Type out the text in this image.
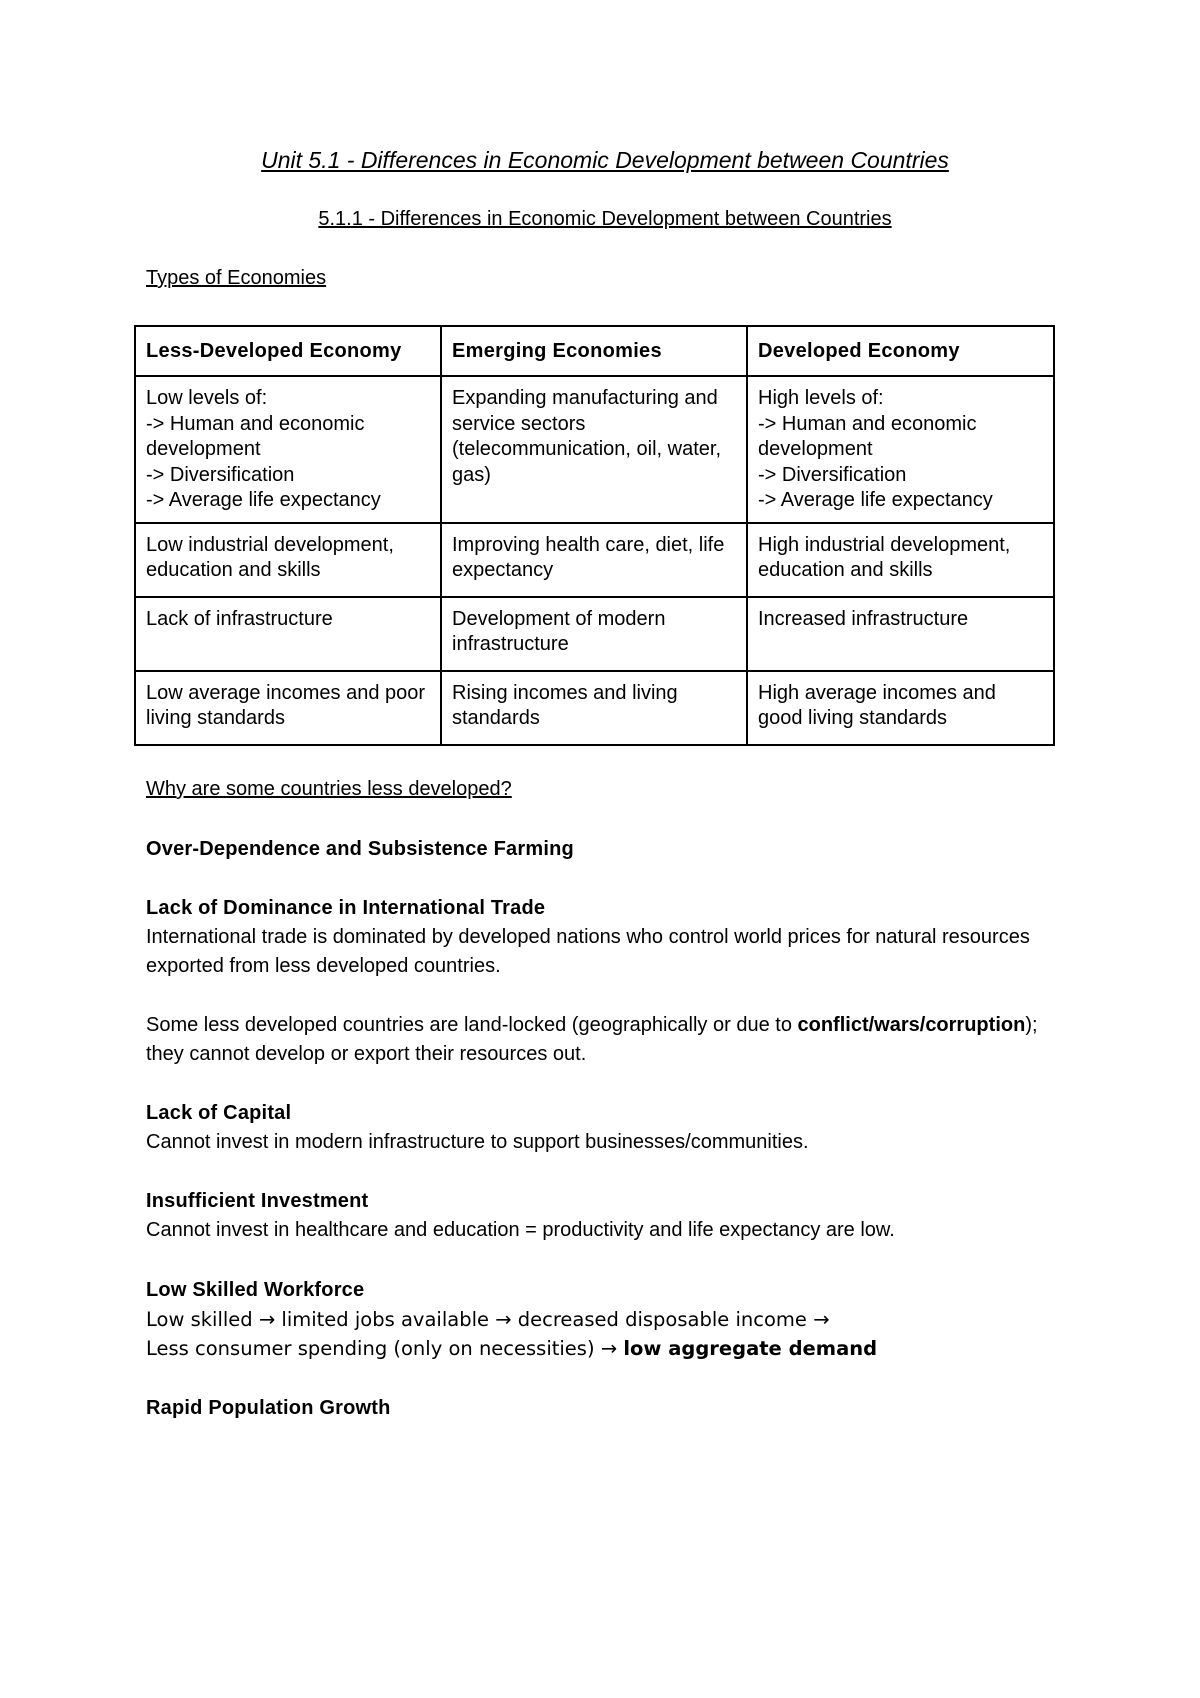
Unit 5.1 - Differences in Economic Development between Countries
5.1.1 - Differences in Economic Development between Countries
Types of Economies
Less-Developed Economy	Emerging Economies	Developed Economy

Low levels of:
-> Human and economic development
-> Diversification
-> Average life expectancy	Expanding manufacturing and service sectors (telecommunication, oil, water, gas)	High levels of:
-> Human and economic development
-> Diversification
-> Average life expectancy

Low industrial development, education and skills	Improving health care, diet, life expectancy	High industrial development, education and skills

Lack of infrastructure	Development of modern infrastructure	Increased infrastructure

Low average incomes and poor living standards	Rising incomes and living standards	High average incomes and good living standards
Why are some countries less developed?
Over-Dependence and Subsistence Farming
Lack of Dominance in International Trade
International trade is dominated by developed nations who control world prices for natural resources exported from less developed countries.
Some less developed countries are land-locked (geographically or due to conflict/wars/corruption); they cannot develop or export their resources out.
Lack of Capital
Cannot invest in modern infrastructure to support businesses/communities.
Insufficient Investment
Cannot invest in healthcare and education = productivity and life expectancy are low.
Low Skilled Workforce
Low skilled → limited jobs available → decreased disposable income →
Less consumer spending (only on necessities) → low aggregate demand
Rapid Population Growth
